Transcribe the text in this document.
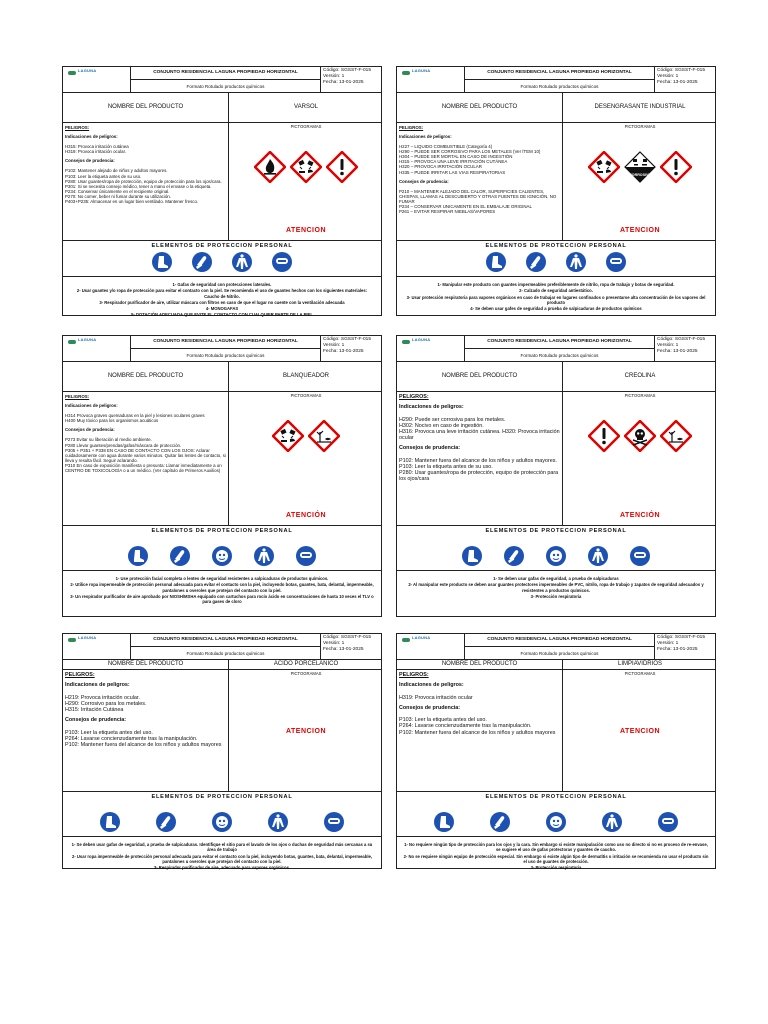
LAGUNA	CONJUNTO RESIDENCIAL LAGUNA PROPIEDAD HORIZONTAL
Formato Rotulado productos químicos
Código: SGSST-F-015
Versión: 1
Fecha: 13-01-2025
NOMBRE DEL PRODUCTO	VARSOL

PELIGROS:

Indicaciones de peligros:

H315: Provoca irritación cutánea

H319: Provoca irritación ocular.

Consejos de prudencia:

P102: Mantener alejado de niños y adultos mayores.

P103: Leer la etiqueta antes de su uso.

P280: Usar guantes/ropa de protección, equipo de protección para los ojos/cara.

P301: Si se necesita consejo médico, tener a mano el envase o la etiqueta.

P234: Conservar únicamente en el recipiente original.

P270: No comer, beber ni fumar durante su utilización.

P403+P235: Almacenar en un lugar bien ventilado. Mantener fresco.

PICTOGRAMAS
ATENCION
ELEMENTOS DE PROTECCION PERSONAL

1- Gafas de seguridad con protecciones laterales.

2- Usar guantes y/o ropa de protección para evitar el contacto con la piel. Se recomienda el uso de guantes hechos con los siguientes materiales: Caucho de Nitrilo.

3- Respirador purificador de aire, utilizar máscara con filtros en caso de que el lugar no cuente con la ventilación adecuada

4- MONOGAFAS

5- DOTACIÓN ADECUADA QUE EVITE EL CONTACTO CON CUALQUIER PARTE DE LA PIEL

LAGUNA	CONJUNTO RESIDENCIAL LAGUNA PROPIEDAD HORIZONTAL
Formato Rotulado productos químicos
Código: SGSST-F-015
Versión: 1
Fecha: 13-01-2025
NOMBRE DEL PRODUCTO	DESENGRASANTE INDUSTRIAL

PELIGROS:

Indicaciones de peligros:

H227 – LIQUIDO COMBUSTIBLE (Categoría 4)

H290 – PUEDE SER CORROSIVO PARA LOS METALES (Ver ÍTEM 10)

H304 – PUEDE SER MORTAL EN CASO DE INGESTIÓN

H315 – PROVOCA UNA LEVE IRRITACIÓN CUTÁNEA

H320 – PROVOCA IRRITACIÓN OCULAR

H335 – PUEDE IRRITAR LAS VIAS RESPIRATORIAS

Consejos de prudencia:

P210 – MANTENER ALEJADO DEL CALOR, SUPERFICIES CALIENTES, CHISPAS, LLAMAS AL DESCUBIERTO Y OTRAS FUENTES DE IGNICIÓN. NO FUMAR

P234 – CONSERVAR UNICAMENTE EN EL EMBALAJE ORIGINAL

P261 – EVITAR RESPIRAR NIEBLAS/VAPORES

PICTOGRAMAS
CORROSIVE
ATENCION
ELEMENTOS DE PROTECCION PERSONAL

1- Manipular este producto con guantes impermeables preferiblemente de nitrilo, ropa de trabajo y botas de seguridad.

2- Calzado de seguridad antiestático.

3- Usar protección respiratoria para vapores orgánicos en caso de trabajar en lugares confinados o presentarse alta concentración de los vapores del producto

4- Se deben usar gafes de seguridad a prueba de salpicaduras de productos químicos

LAGUNA	CONJUNTO RESIDENCIAL LAGUNA PROPIEDAD HORIZONTAL
Formato Rotulado productos químicos
Código: SGSST-F-015
Versión: 1
Fecha: 13-01-2025
NOMBRE DEL PRODUCTO	BLANQUEADOR

PELIGROS:

Indicaciones de peligros:

H314 Provoca graves quemaduras en la piel y lesiones oculares graves

H400 Muy tóxico para los organismos acuáticos

Consejos de prudencia:

P273 Evitar su liberación al medio ambiente.

P280 Llevar guantes/prendas/gafas/máscara de protección.

P305 + P351 + P338 EN CASO DE CONTACTO CON LOS OJOS: Aclarar cuidadosamente con agua durante varios minutos. Quitar las lentes de contacto, si lleva y resulta fácil. Seguir aclarando.

P310 En caso de exposición manifiesta o presunta: Llamar inmediatamente a un CENTRO DE TOXICOLOGÍA o a un médico. (Ver capítulo de Primeros Auxilios)

PICTOGRAMAS
ATENCIÓN
ELEMENTOS DE PROTECCION PERSONAL

1- Use protección facial completa o lentes de seguridad resistentes a salpicaduras de productos químicos.

2- Utilice ropa impermeable de protección personal adecuada para evitar el contacto con la piel, incluyendo botas, guantes, bata, delantal, impermeable, pantalones u overoles que protejan del contacto con la piel.

3- Un respirador purificador de aire aprobado por NIOSH/MSHA equipado con cartuchos para rocío ácido en concentraciones de hasta 10 veces el TLV o para gases de cloro

LAGUNA	CONJUNTO RESIDENCIAL LAGUNA PROPIEDAD HORIZONTAL
Formato Rotulado productos químicos
Código: SGSST-F-015
Versión: 1
Fecha: 13-01-2025
NOMBRE DEL PRODUCTO	CREOLINA

PELIGROS:

Indicaciones de peligros:

H290: Puede ser corrosiva para los metales.

H302: Nocivo en caso de ingestión.

H316: Provoca una leve irritación cutánea. H320: Provoca irritación ocular

Consejos de prudencia:

P102: Mantener fuera del alcance de los niños y adultos mayores.

P103: Leer la etiqueta antes de su uso.

P280: Usar guantes/ropa de protección, equipo de protección para los ojos/cara

PICTOGRAMAS
ATENCIÓN
ELEMENTOS DE PROTECCION PERSONAL

1- Se deben usar gafas de seguridad, a prueba de salpicaduras

2- Al manipular este producto se deben usar guantes protectores impermeables de PVC, nitrilo, ropa de trabajo y zapatos de seguridad adecuados y resistentes a productos químicos.

3- Protección respiratoria

LAGUNA	CONJUNTO RESIDENCIAL LAGUNA PROPIEDAD HORIZONTAL
Formato Rotulado productos químicos
Código: SGSST-F-015
Versión: 1
Fecha: 13-01-2025
NOMBRE DEL PRODUCTO	ACIDO PORCELANICO

PELIGROS:

Indicaciones de peligros:

H219: Provoca irritación ocular.

H290: Corrosivo para los metales.

H315: Irritación Cutánea

Consejos de prudencia:

P103: Leer la etiqueta antes del uso.

P264: Lavarse concienzudamente tras la manipulación.

P102: Mantener fuera del alcance de los niños y adultos mayores

PICTOGRAMAS
ATENCION
ELEMENTOS DE PROTECCION PERSONAL

1- Se deben usar gafas de seguridad, a prueba de salpicaduras. Identifique el sitio para el lavado de los ojos o duchas de seguridad más cercanas a su área de trabajo

2- Usar ropa impermeable de protección personal adecuada para evitar el contacto con la piel, incluyendo botas, guantes, bata, delantal, impermeable, pantalones u overoles que protejan del contacto con la piel.

3- Respirador purificador de aire, adecuado para vapores orgánicos.

LAGUNA	CONJUNTO RESIDENCIAL LAGUNA PROPIEDAD HORIZONTAL
Formato Rotulado productos químicos
Código: SGSST-F-015
Versión: 1
Fecha: 13-01-2025
NOMBRE DEL PRODUCTO	LIMPIAVIDRIOS

PELIGROS:

Indicaciones de peligros:

H319: Provoca irritación ocular

Consejos de prudencia:

P103: Leer la etiqueta antes del uso.

P264: Lavarse concienzudamente tras la manipulación.

P102: Mantener fuera del alcance de los niños y adultos mayores

PICTOGRAMAS
ATENCION
ELEMENTOS DE PROTECCION PERSONAL

1- No requiere ningún tipo de protección para los ojos y la cara. Sin embargo si existe manipulación como uso no directo si no es proceso de re-envase, se sugiere el uso de gafas protectoras y guantes de caucho.

2- No se requiere ningún equipo de protección especial. Sin embargo si existe algún tipo de dermatitis o irritación se recomienda no usar el producto sin el uso de guantes de protección.

3- Protección respiratoria
